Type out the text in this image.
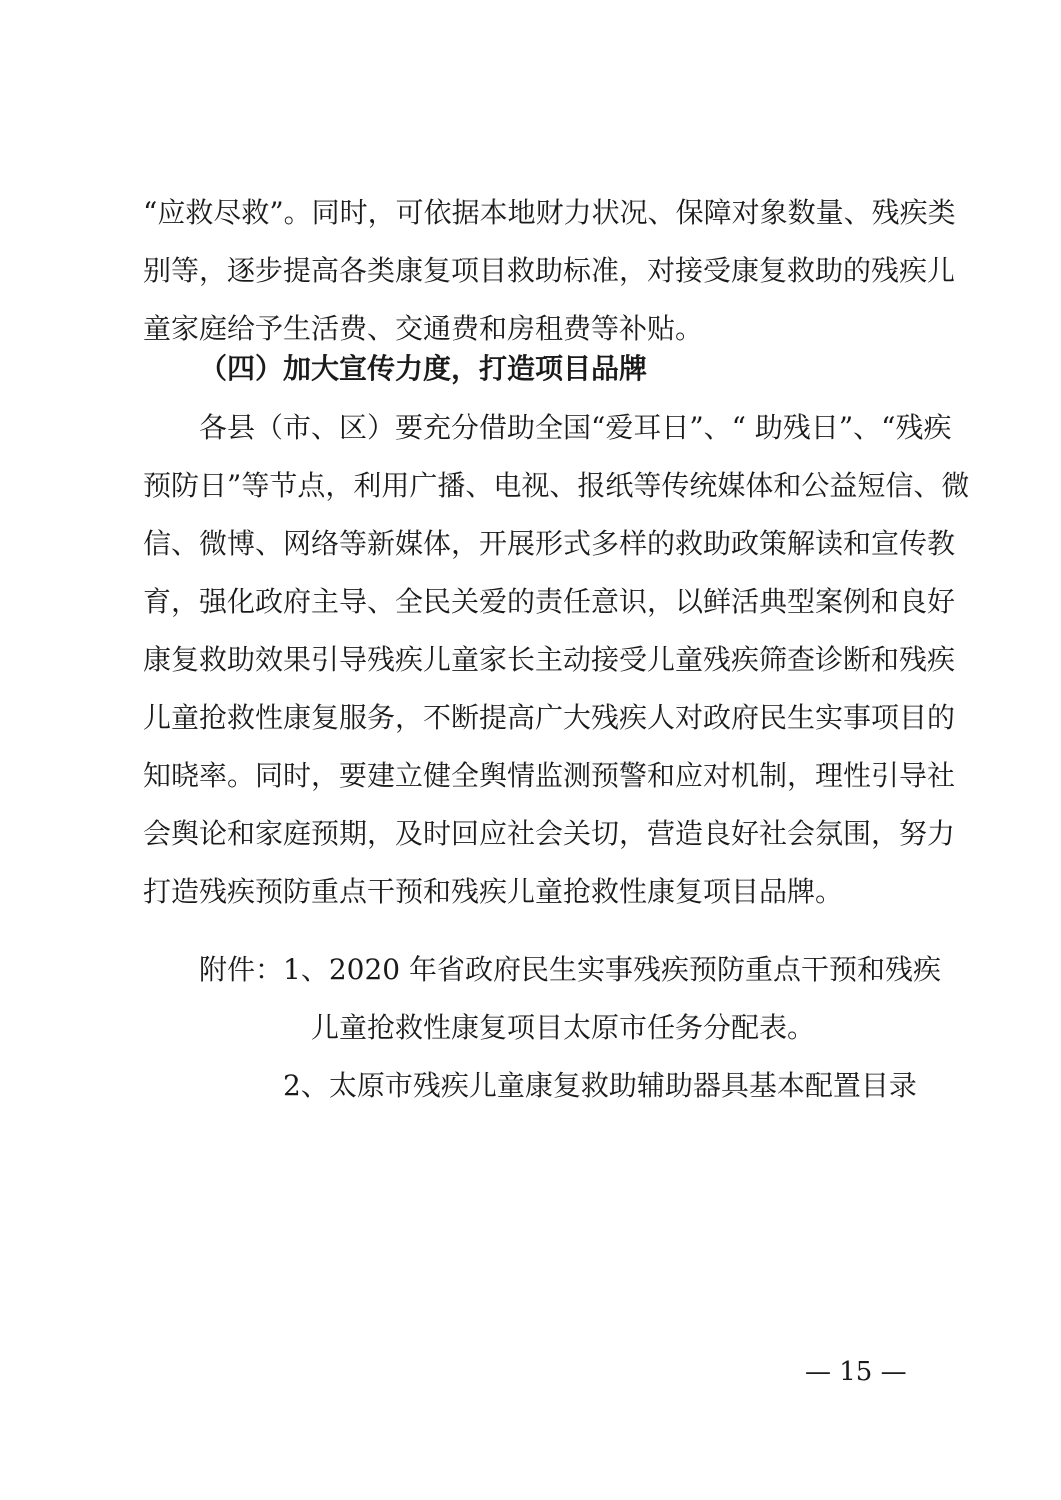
“应救尽救”。同时，可依据本地财力状况、保障对象数量、残疾类
别等，逐步提高各类康复项目救助标准，对接受康复救助的残疾儿
童家庭给予生活费、交通费和房租费等补贴。
（四）加大宣传力度，打造项目品牌
各县（市、区）要充分借助全国“爱耳日”、“ 助残日”、“残疾
预防日”等节点，利用广播、电视、报纸等传统媒体和公益短信、微
信、微博、网络等新媒体，开展形式多样的救助政策解读和宣传教
育，强化政府主导、全民关爱的责任意识，以鲜活典型案例和良好
康复救助效果引导残疾儿童家长主动接受儿童残疾筛查诊断和残疾
儿童抢救性康复服务，不断提高广大残疾人对政府民生实事项目的
知晓率。同时，要建立健全舆情监测预警和应对机制，理性引导社
会舆论和家庭预期，及时回应社会关切，营造良好社会氛围，努力
打造残疾预防重点干预和残疾儿童抢救性康复项目品牌。
附件： 1、2020 年省政府民生实事残疾预防重点干预和残疾
儿童抢救性康复项目太原市任务分配表。
2、太原市残疾儿童康复救助辅助器具基本配置目录
— 15 —
